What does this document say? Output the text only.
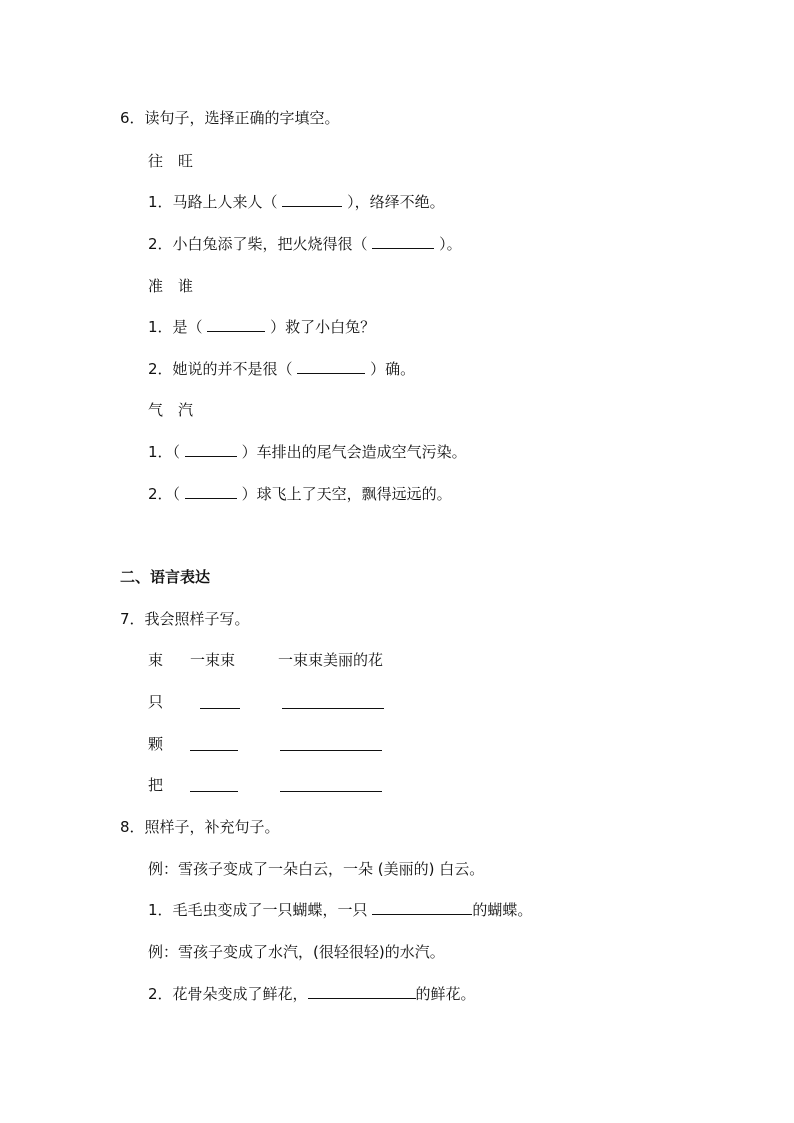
6．读句子，选择正确的字填空。
往　旺
1．马路上人来人（	），络绎不绝。
2．小白兔添了柴，把火烧得很（	）。
准　谁
1．是（	）救了小白兔？
2．她说的并不是很（	）确。
气　汽
1．（	）车排出的尾气会造成空气污染。
2．（	）球飞上了天空，飘得远远的。
二、语言表达
7．我会照样子写。
束 一束束	一束束美丽的花
只
颗
把
8．照样子，补充句子。
例：雪孩子变成了一朵白云，一朵 (美丽的) 白云。
1．毛毛虫变成了一只蝴蝶，一只	的蝴蝶。
例：雪孩子变成了水汽，(很轻很轻)的水汽。
2．花骨朵变成了鲜花，	的鲜花。
